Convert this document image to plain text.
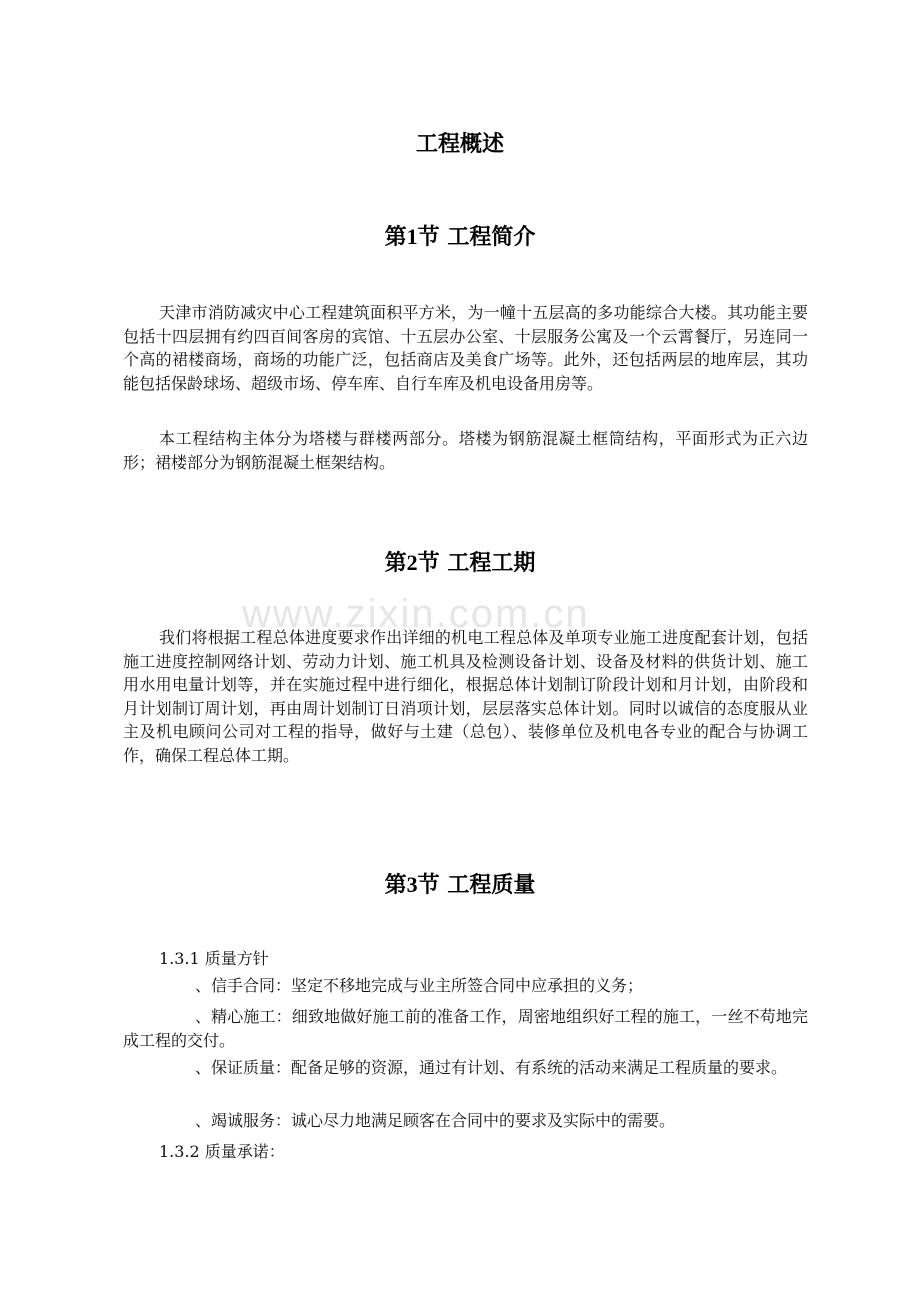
www.zixin.com.cn
工程概述
第1节 工程简介
天津市消防减灾中心工程建筑面积平方米，为一幢十五层高的多功能综合大楼。其功能主要包括十四层拥有约四百间客房的宾馆、十五层办公室、十层服务公寓及一个云霄餐厅，另连同一个高的裙楼商场，商场的功能广泛，包括商店及美食广场等。此外，还包括两层的地库层，其功能包括保龄球场、超级市场、停车库、自行车库及机电设备用房等。
本工程结构主体分为塔楼与群楼两部分。塔楼为钢筋混凝土框筒结构，平面形式为正六边形；裙楼部分为钢筋混凝土框架结构。
第2节 工程工期
我们将根据工程总体进度要求作出详细的机电工程总体及单项专业施工进度配套计划，包括施工进度控制网络计划、劳动力计划、施工机具及检测设备计划、设备及材料的供货计划、施工用水用电量计划等，并在实施过程中进行细化，根据总体计划制订阶段计划和月计划，由阶段和月计划制订周计划，再由周计划制订日消项计划，层层落实总体计划。同时以诚信的态度服从业主及机电顾问公司对工程的指导，做好与土建（总包）、装修单位及机电各专业的配合与协调工作，确保工程总体工期。
第3节 工程质量
1.3.1 质量方针
、信手合同：坚定不移地完成与业主所签合同中应承担的义务；
、精心施工：细致地做好施工前的准备工作，周密地组织好工程的施工，一丝不苟地完成工程的交付。
、保证质量：配备足够的资源，通过有计划、有系统的活动来满足工程质量的要求。
、竭诚服务：诚心尽力地满足顾客在合同中的要求及实际中的需要。
1.3.2 质量承诺：
